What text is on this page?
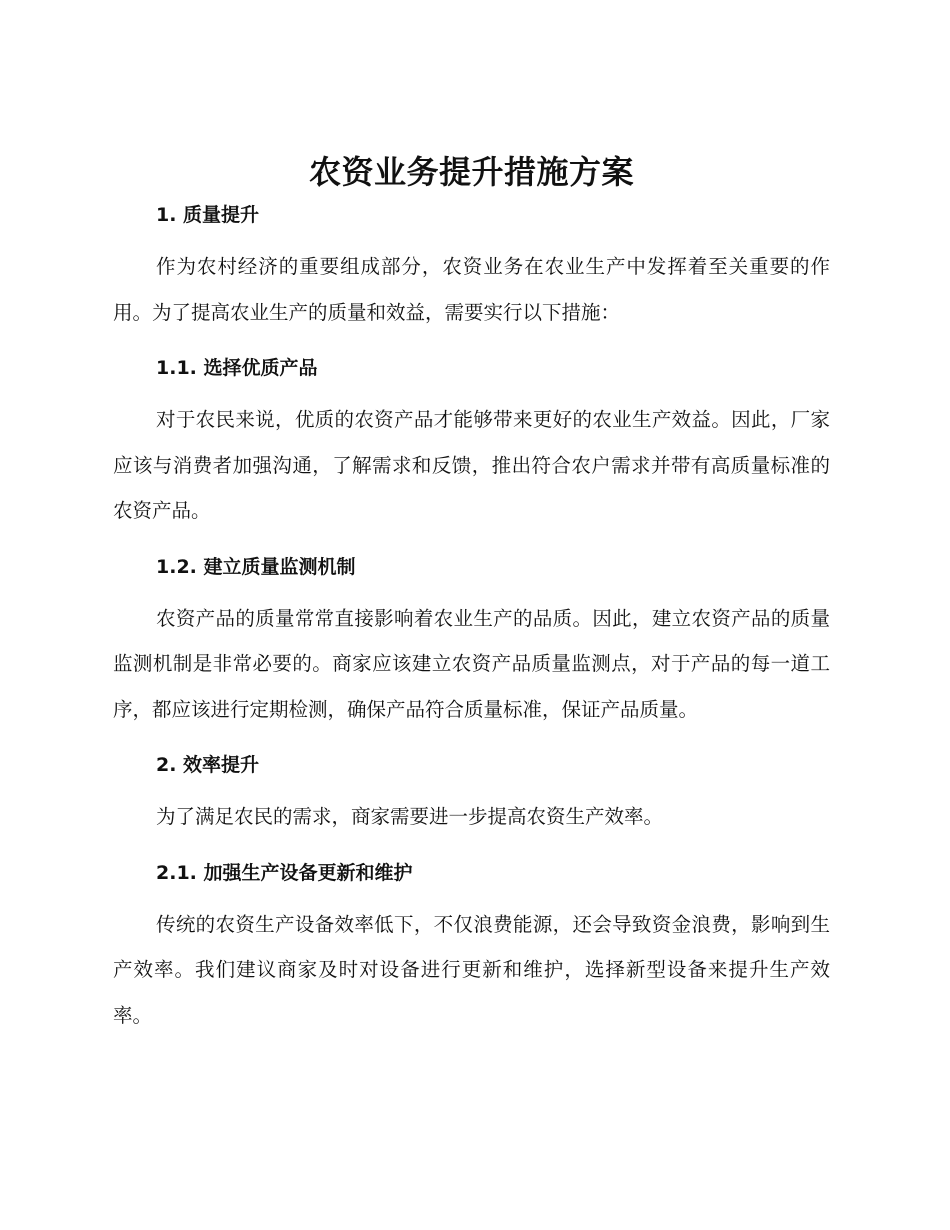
农资业务提升措施方案
1. 质量提升

作为农村经济的重要组成部分，农资业务在农业生产中发挥着至关重要的作用。为了提高农业生产的质量和效益，需要实行以下措施：

1.1. 选择优质产品

对于农民来说，优质的农资产品才能够带来更好的农业生产效益。因此，厂家应该与消费者加强沟通，了解需求和反馈，推出符合农户需求并带有高质量标准的农资产品。

1.2. 建立质量监测机制

农资产品的质量常常直接影响着农业生产的品质。因此，建立农资产品的质量监测机制是非常必要的。商家应该建立农资产品质量监测点，对于产品的每一道工序，都应该进行定期检测，确保产品符合质量标准，保证产品质量。

2. 效率提升

为了满足农民的需求，商家需要进一步提高农资生产效率。

2.1. 加强生产设备更新和维护

传统的农资生产设备效率低下，不仅浪费能源，还会导致资金浪费，影响到生产效率。我们建议商家及时对设备进行更新和维护，选择新型设备来提升生产效率。
